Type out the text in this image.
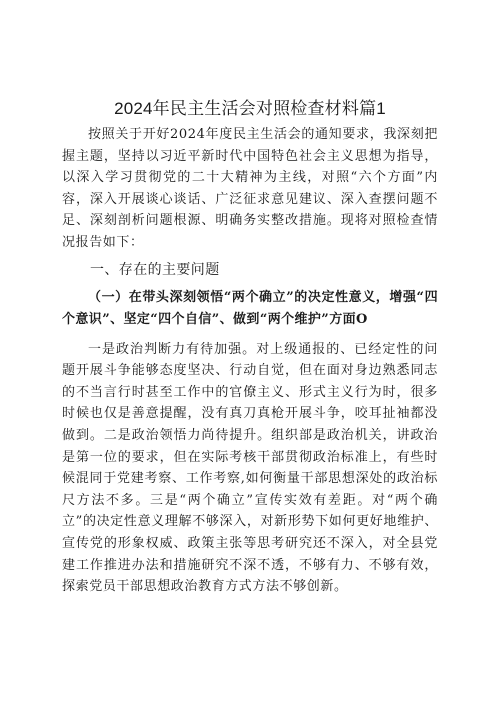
2024年民主生活会对照检查材料篇1

按照关于开好2024年度民主生活会的通知要求，我深刻把握主题，坚持以习近平新时代中国特色社会主义思想为指导，以深入学习贯彻党的二十大精神为主线，对照“六个方面”内容，深入开展谈心谈话、广泛征求意见建议、深入查摆问题不足、深刻剖析问题根源、明确务实整改措施。现将对照检查情况报告如下：

一、存在的主要问题
（一）在带头深刻领悟“两个确立”的决定性意义，增强“四个意识”、坚定“四个自信”、做到“两个维护”方面O

一是政治判断力有待加强。对上级通报的、已经定性的问题开展斗争能够态度坚决、行动自觉，但在面对身边熟悉同志的不当言行时甚至工作中的官僚主义、形式主义行为时，很多时候也仅是善意提醒，没有真刀真枪开展斗争，咬耳扯袖都没做到。二是政治领悟力尚待提升。组织部是政治机关，讲政治是第一位的要求，但在实际考核干部贯彻政治标准上，有些时候混同于党建考察、工作考察,如何衡量干部思想深处的政治标尺方法不多。三是“两个确立”宣传实效有差距。对“两个确立”的决定性意义理解不够深入，对新形势下如何更好地维护、宣传党的形象权威、政策主张等思考研究还不深入，对全县党建工作推进办法和措施研究不深不透，不够有力、不够有效，探索党员干部思想政治教育方式方法不够创新。
